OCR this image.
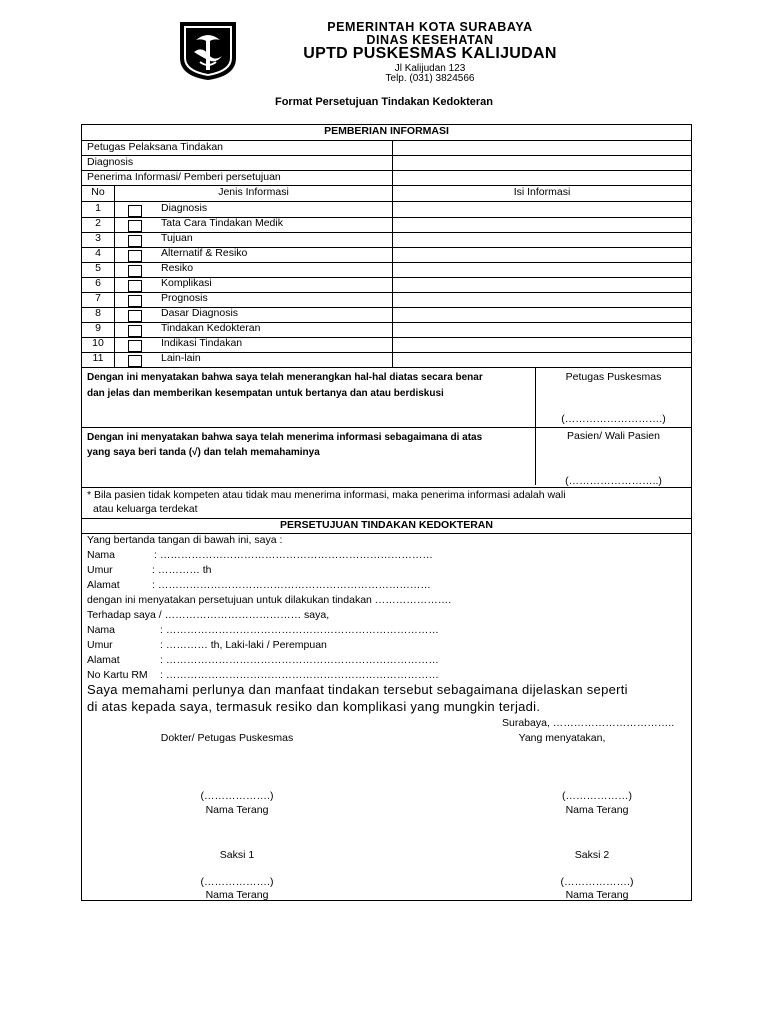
PEMERINTAH KOTA SURABAYA
DINAS KESEHATAN
UPTD PUSKESMAS KALIJUDAN
Jl Kalijudan 123
Telp. (031) 3824566
Format Persetujuan Tindakan Kedokteran
PEMBERIAN INFORMASI
Petugas Pelaksana Tindakan
Diagnosis
Penerima Informasi/ Pemberi persetujuan
No	Jenis Informasi	Isi Informasi
1	Diagnosis
2	Tata Cara Tindakan Medik
3	Tujuan
4	Alternatif & Resiko
5	Resiko
6	Komplikasi
7	Prognosis
8	Dasar Diagnosis
9	Tindakan Kedokteran
10	Indikasi Tindakan
11	Lain-lain
Dengan ini menyatakan bahwa saya telah menerangkan hal-hal diatas secara benar
dan jelas dan memberikan kesempatan untuk bertanya dan atau berdiskusi
Petugas Puskesmas
(……………………….)
Dengan ini menyatakan bahwa saya telah menerima informasi sebagaimana di atas
yang saya beri tanda (√) dan telah memahaminya
Pasien/ Wali Pasien
(……………………..)
* Bila pasien tidak kompeten atau tidak mau menerima informasi, maka penerima informasi adalah wali
atau keluarga terdekat
PERSETUJUAN TINDAKAN KEDOKTERAN
Yang bertanda tangan di bawah ini, saya :
Nama	: ……………………………………………………………………
Umur	: ………… th
Alamat	: ……………………………………………………………………
dengan ini menyatakan persetujuan untuk dilakukan tindakan ………………….
Terhadap saya / ………………………………… saya,
Nama	: ……………………………………………………………………
Umur	: ………… th, Laki-laki / Perempuan
Alamat	: ……………………………………………………………………
No Kartu RM : ……………………………………………………………………
Saya memahami perlunya dan manfaat tindakan tersebut sebagaimana dijelaskan seperti
di atas kepada saya, termasuk resiko dan komplikasi yang mungkin terjadi.
Surabaya, ……………………………..
Dokter/ Petugas Puskesmas	Yang menyatakan,
(……………….)	(………………)
Nama Terang	Nama Terang
Saksi 1	Saksi 2
(……………….)	(……………….)
Nama Terang	Nama Terang
